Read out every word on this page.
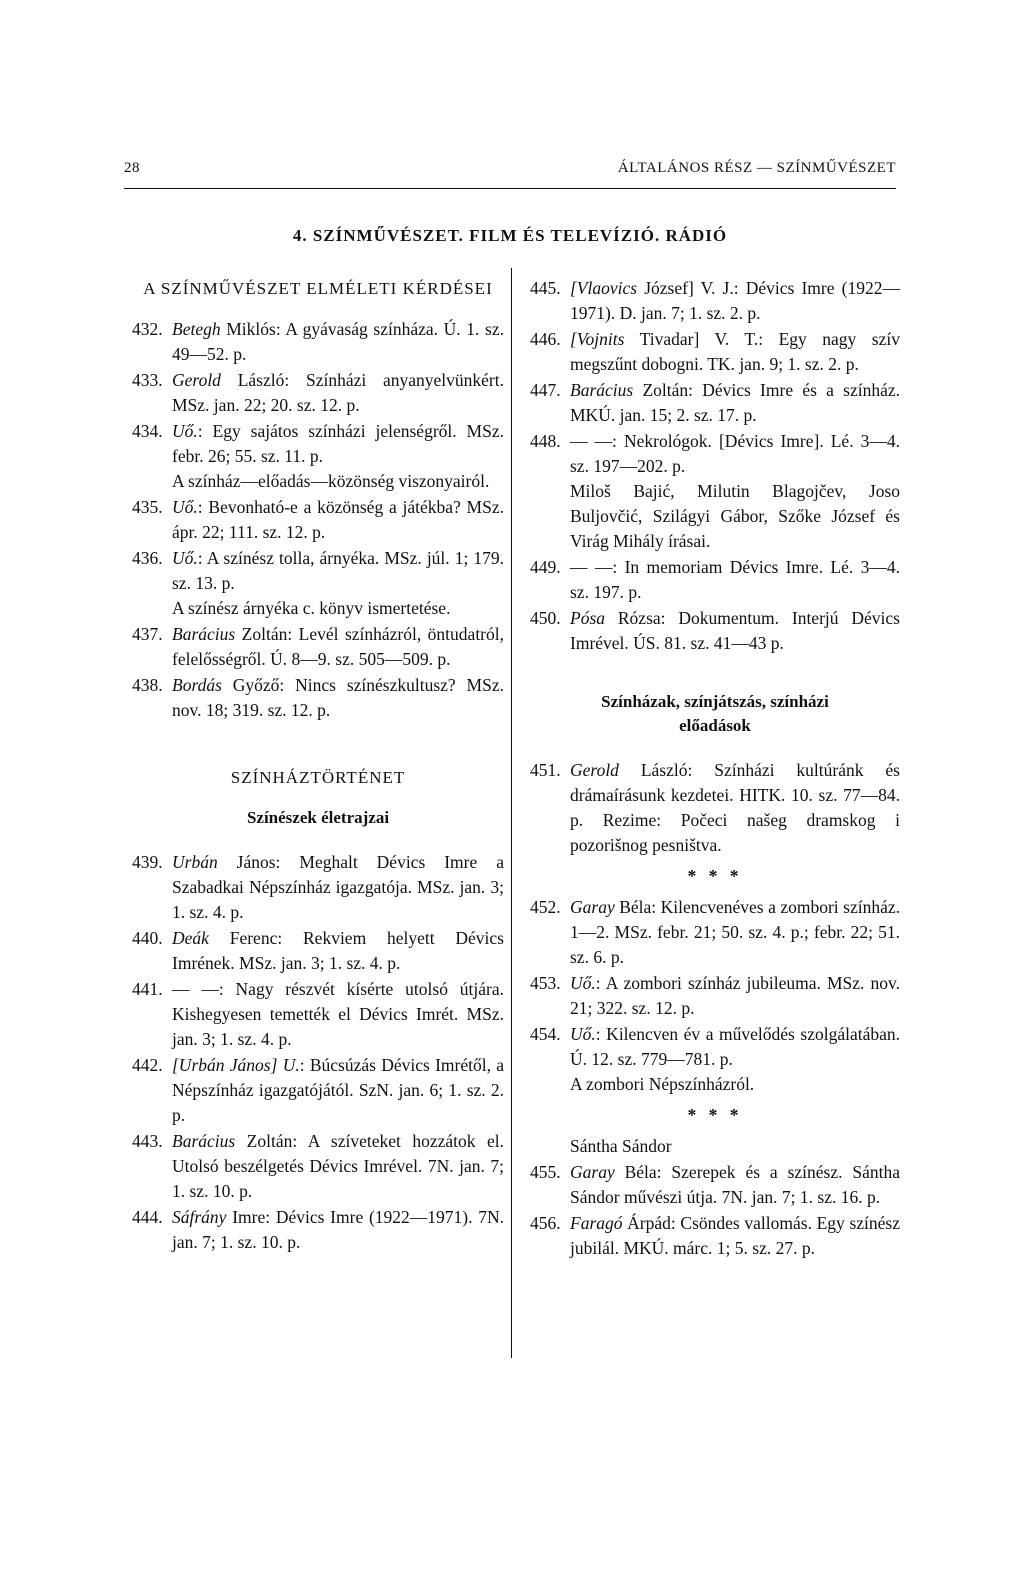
28	ÁLTALÁNOS RÉSZ — SZÍNMŰVÉSZET
4. SZÍNMŰVÉSZET. FILM ÉS TELEVÍZIÓ. RÁDIÓ
A SZÍNMŰVÉSZET ELMÉLETI KÉRDÉSEI
432. Betegh Miklós: A gyávaság színháza. Ú. 1. sz. 49—52. p.
433. Gerold László: Színházi anyanyelvünkért. MSz. jan. 22; 20. sz. 12. p.
434. Uő.: Egy sajátos színházi jelenségről. MSz. febr. 26; 55. sz. 11. p.
A színház—előadás—közönség viszonyairól.
435. Uő.: Bevonható-e a közönség a játékba? MSz. ápr. 22; 111. sz. 12. p.
436. Uő.: A színész tolla, árnyéka. MSz. júl. 1; 179. sz. 13. p.
A színész árnyéka c. könyv ismertetése.
437. Barácius Zoltán: Levél színházról, öntudatról, felelősségről. Ú. 8—9. sz. 505—509. p.
438. Bordás Győző: Nincs színészkultusz? MSz. nov. 18; 319. sz. 12. p.
SZÍNHÁZTÖRTÉNET
Színészek életrajzai
439. Urbán János: Meghalt Dévics Imre a Szabadkai Népszínház igazgatója. MSz. jan. 3; 1. sz. 4. p.
440. Deák Ferenc: Rekviem helyett Dévics Imrének. MSz. jan. 3; 1. sz. 4. p.
441. — —: Nagy részvét kísérte utolsó útjára. Kishegyesen temették el Dévics Imrét. MSz. jan. 3; 1. sz. 4. p.
442. [Urbán János] U.: Búcsúzás Dévics Imrétől, a Népszínház igazgatójától. SzN. jan. 6; 1. sz. 2. p.
443. Barácius Zoltán: A szíveteket hozzátok el. Utolsó beszélgetés Dévics Imrével. 7N. jan. 7; 1. sz. 10. p.
444. Sáfrány Imre: Dévics Imre (1922—1971). 7N. jan. 7; 1. sz. 10. p.
445. [Vlaovics József] V. J.: Dévics Imre (1922—1971). D. jan. 7; 1. sz. 2. p.
446. [Vojnits Tivadar] V. T.: Egy nagy szív megszűnt dobogni. TK. jan. 9; 1. sz. 2. p.
447. Barácius Zoltán: Dévics Imre és a színház. MKÚ. jan. 15; 2. sz. 17. p.
448. — —: Nekrológok. [Dévics Imre]. Lé. 3—4. sz. 197—202. p.
Miloš Bajić, Milutin Blagojčev, Joso Buljovčić, Szilágyi Gábor, Szőke József és Virág Mihály írásai.
449. — —: In memoriam Dévics Imre. Lé. 3—4. sz. 197. p.
450. Pósa Rózsa: Dokumentum. Interjú Dévics Imrével. ÚS. 81. sz. 41—43 p.
Színházak, színjátszás, színházi előadások
451. Gerold László: Színházi kultúránk és drámaírásunk kezdetei. HITK. 10. sz. 77—84. p. Rezime: Počeci našeg dramskog i pozorišnog pesništva.
* * *
452. Garay Béla: Kilencvenéves a zombori színház. 1—2. MSz. febr. 21; 50. sz. 4. p.; febr. 22; 51. sz. 6. p.
453. Uő.: A zombori színház jubileuma. MSz. nov. 21; 322. sz. 12. p.
454. Uő.: Kilencven év a művelődés szolgálatában. Ú. 12. sz. 779—781. p.
A zombori Népszínházról.
* * *
Sántha Sándor
455. Garay Béla: Szerepek és a színész. Sántha Sándor művészi útja. 7N. jan. 7; 1. sz. 16. p.
456. Faragó Árpád: Csöndes vallomás. Egy színész jubilál. MKÚ. márc. 1; 5. sz. 27. p.
